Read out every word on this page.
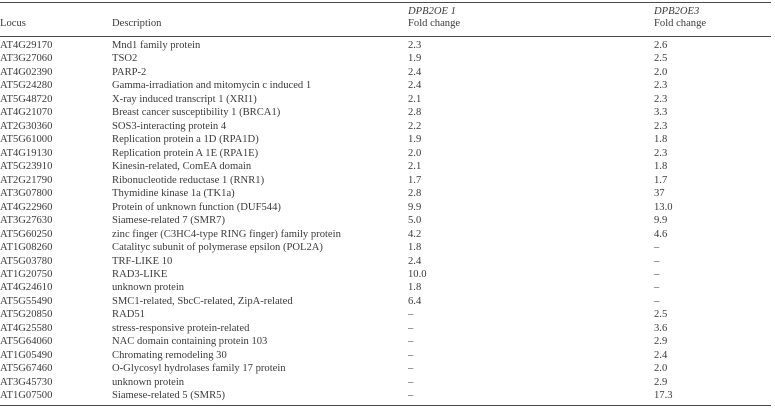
		DPB2OE 1	DPB2OE3
Locus	Description	Fold change	Fold change
AT4G29170	Mnd1 family protein	2.3	2.6
AT3G27060	TSO2	1.9	2.5
AT4G02390	PARP-2	2.4	2.0
AT5G24280	Gamma-irradiation and mitomycin c induced 1	2.4	2.3
AT5G48720	X-ray induced transcript 1 (XRI1)	2.1	2.3
AT4G21070	Breast cancer susceptibility 1 (BRCA1)	2.8	3.3
AT2G30360	SOS3-interacting protein 4	2.2	2.3
AT5G61000	Replication protein a 1D (RPA1D)	1.9	1.8
AT4G19130	Replication protein A 1E (RPA1E)	2.0	2.3
AT5G23910	Kinesin-related, ComEA domain	2.1	1.8
AT2G21790	Ribonucleotide reductase 1 (RNR1)	1.7	1.7
AT3G07800	Thymidine kinase 1a (TK1a)	2.8	37
AT4G22960	Protein of unknown function (DUF544)	9.9	13.0
AT3G27630	Siamese-related 7 (SMR7)	5.0	9.9
AT5G60250	zinc finger (C3HC4-type RING finger) family protein	4.2	4.6
AT1G08260	Catalityc subunit of polymerase epsilon (POL2A)	1.8	–
AT5G03780	TRF-LIKE 10	2.4	–
AT1G20750	RAD3-LIKE	10.0	–
AT4G24610	unknown protein	1.8	–
AT5G55490	SMC1-related, SbcC-related, ZipA-related	6.4	–
AT5G20850	RAD51	–	2.5
AT4G25580	stress-responsive protein-related	–	3.6
AT5G64060	NAC domain containing protein 103	–	2.9
AT1G05490	Chromating remodeling 30	–	2.4
AT5G67460	O-Glycosyl hydrolases family 17 protein	–	2.0
AT3G45730	unknown protein	–	2.9
AT1G07500	Siamese-related 5 (SMR5)	–	17.3
